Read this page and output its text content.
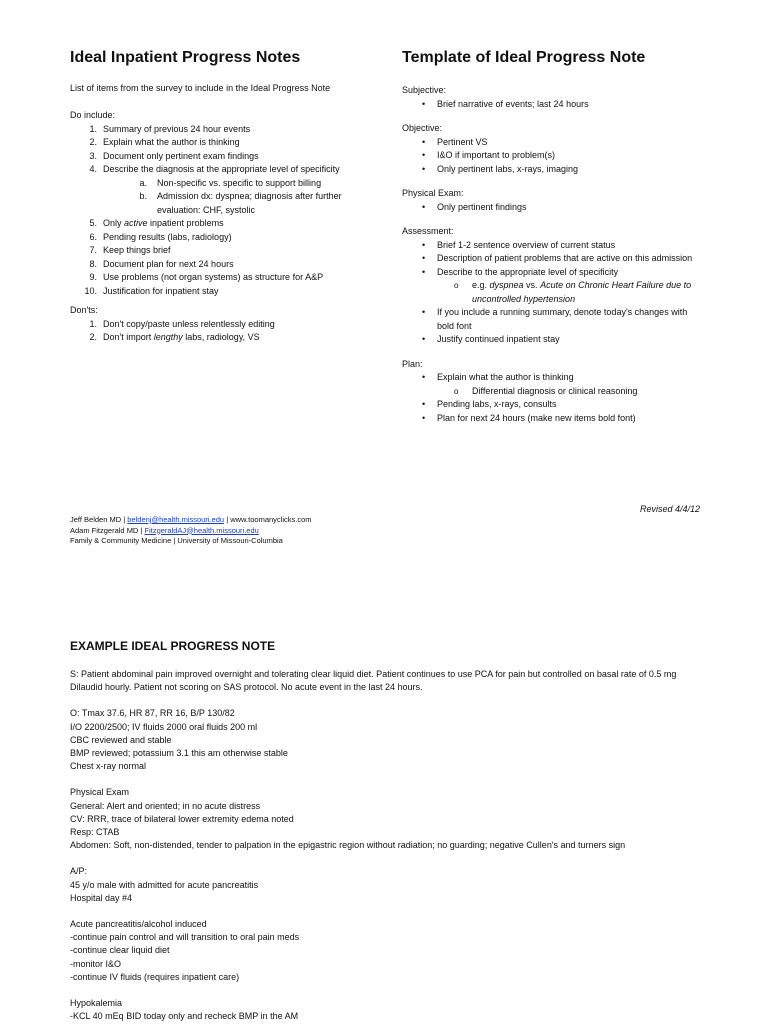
Ideal Inpatient Progress Notes	Template of Ideal Progress Note
List of items from the survey to include in the Ideal Progress Note
Do include:
1. Summary of previous 24 hour events
2. Explain what the author is thinking
3. Document only pertinent exam findings
4. Describe the diagnosis at the appropriate level of specificity
a. Non-specific vs. specific to support billing
b. Admission dx: dyspnea; diagnosis after further evaluation: CHF, systolic
5. Only active inpatient problems
6. Pending results (labs, radiology)
7. Keep things brief
8. Document plan for next 24 hours
9. Use problems (not organ systems) as structure for A&P
10. Justification for inpatient stay
Don'ts:
1. Don't copy/paste unless relentlessly editing
2. Don't import lengthy labs, radiology, VS
Subjective:
• Brief narrative of events; last 24 hours
Objective:
• Pertinent VS
• I&O if important to problem(s)
• Only pertinent labs, x-rays, imaging
Physical Exam:
• Only pertinent findings
Assessment:
• Brief 1-2 sentence overview of current status
• Description of patient problems that are active on this admission
• Describe to the appropriate level of specificity
o e.g. dyspnea vs. Acute on Chronic Heart Failure due to uncontrolled hypertension
• If you include a running summary, denote today's changes with bold font
• Justify continued inpatient stay
Plan:
• Explain what the author is thinking
o Differential diagnosis or clinical reasoning
• Pending labs, x-rays, consults
• Plan for next 24 hours (make new items bold font)
Revised 4/4/12
Jeff Belden MD | beldenj@health.missouri.edu | www.toomanyclicks.com
Adam Fitzgerald MD | FitzgeraldAJ@health.missouri.edu
Family & Community Medicine | University of Missouri-Columbia
EXAMPLE IDEAL PROGRESS NOTE

S: Patient abdominal pain improved overnight and tolerating clear liquid diet. Patient continues to use PCA for pain but controlled on basal rate of 0.5 mg Dilaudid hourly. Patient not scoring on SAS protocol. No acute event in the last 24 hours.

O: Tmax 37.6, HR 87, RR 16, B/P 130/82

I/O 2200/2500; IV fluids 2000 oral fluids 200 ml

CBC reviewed and stable

BMP reviewed; potassium 3.1 this am otherwise stable

Chest x-ray normal

Physical Exam

General: Alert and oriented; in no acute distress

CV: RRR, trace of bilateral lower extremity edema noted

Resp: CTAB

Abdomen: Soft, non-distended, tender to palpation in the epigastric region without radiation; no guarding; negative Cullen's and turners sign

A/P:

45 y/o male with admitted for acute pancreatitis

Hospital day #4

Acute pancreatitis/alcohol induced

-continue pain control and will transition to oral pain meds

-continue clear liquid diet

-monitor I&O

-continue IV fluids (requires inpatient care)

Hypokalemia

-KCL 40 mEq BID today only and recheck BMP in the AM
